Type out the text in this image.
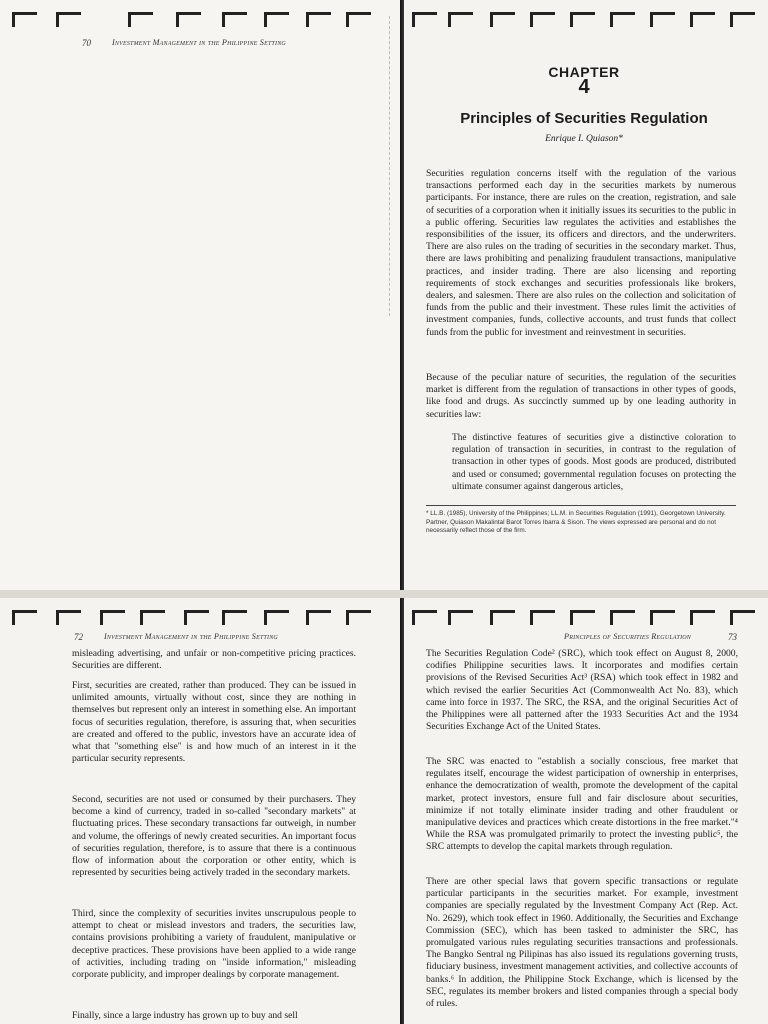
70	Investment Management in the Philippine Setting
CHAPTER
4
Principles of Securities Regulation
Enrique I. Quiason*
Securities regulation concerns itself with the regulation of the various transactions performed each day in the securities markets by numerous participants. For instance, there are rules on the creation, registration, and sale of securities of a corporation when it initially issues its securities to the public in a public offering. Securities law regulates the activities and establishes the responsibilities of the issuer, its officers and directors, and the underwriters. There are also rules on the trading of securities in the secondary market. Thus, there are laws prohibiting and penalizing fraudulent transactions, manipulative practices, and insider trading. There are also licensing and reporting requirements of stock exchanges and securities professionals like brokers, dealers, and salesmen. There are also rules on the collection and solicitation of funds from the public and their investment. These rules limit the activities of investment companies, funds, collective accounts, and trust funds that collect funds from the public for investment and reinvestment in securities.
Because of the peculiar nature of securities, the regulation of the securities market is different from the regulation of transactions in other types of goods, like food and drugs. As succinctly summed up by one leading authority in securities law:
The distinctive features of securities give a distinctive coloration to regulation of transaction in securities, in contrast to the regulation of transaction in other types of goods. Most goods are produced, distributed and used or consumed; governmental regulation focuses on protecting the ultimate consumer against dangerous articles,
* LL.B. (1985), University of the Philippines; LL.M. in Securities Regulation (1991), Georgetown University. Partner, Quiason Makalintal Barot Torres Ibarra & Sison. The views expressed are personal and do not necessarily reflect those of the firm.
72	Investment Management in the Philippine Setting
misleading advertising, and unfair or non-competitive pricing practices. Securities are different.
First, securities are created, rather than produced. They can be issued in unlimited amounts, virtually without cost, since they are nothing in themselves but represent only an interest in something else. An important focus of securities regulation, therefore, is assuring that, when securities are created and offered to the public, investors have an accurate idea of what that "something else" is and how much of an interest in it the particular security represents.
Second, securities are not used or consumed by their purchasers. They become a kind of currency, traded in so-called "secondary markets" at fluctuating prices. These secondary transactions far outweigh, in number and volume, the offerings of newly created securities. An important focus of securities regulation, therefore, is to assure that there is a continuous flow of information about the corporation or other entity, which is represented by securities being actively traded in the secondary markets.
Third, since the complexity of securities invites unscrupulous people to attempt to cheat or mislead investors and traders, the securities law, contains provisions prohibiting a variety of fraudulent, manipulative or deceptive practices. These provisions have been applied to a wide range of activities, including trading on "inside information," misleading corporate publicity, and improper dealings by corporate management.
Finally, since a large industry has grown up to buy and sell
Principles of Securities Regulation	73
The Securities Regulation Code² (SRC), which took effect on August 8, 2000, codifies Philippine securities laws. It incorporates and modifies certain provisions of the Revised Securities Act³ (RSA) which took effect in 1982 and which revised the earlier Securities Act (Commonwealth Act No. 83), which came into force in 1937. The SRC, the RSA, and the original Securities Act of the Philippines were all patterned after the 1933 Securities Act and the 1934 Securities Exchange Act of the United States.
The SRC was enacted to "establish a socially conscious, free market that regulates itself, encourage the widest participation of ownership in enterprises, enhance the democratization of wealth, promote the development of the capital market, protect investors, ensure full and fair disclosure about securities, minimize if not totally eliminate insider trading and other fraudulent or manipulative devices and practices which create distortions in the free market."⁴ While the RSA was promulgated primarily to protect the investing public⁵, the SRC attempts to develop the capital markets through regulation.
There are other special laws that govern specific transactions or regulate particular participants in the securities market. For example, investment companies are specially regulated by the Investment Company Act (Rep. Act. No. 2629), which took effect in 1960. Additionally, the Securities and Exchange Commission (SEC), which has been tasked to administer the SRC, has promulgated various rules regulating securities transactions and professionals. The Bangko Sentral ng Pilipinas has also issued its regulations governing trusts, fiduciary business, investment management activities, and collective accounts of banks.⁶ In addition, the Philippine Stock Exchange, which is licensed by the SEC, regulates its member brokers and listed companies through a special body of rules.
